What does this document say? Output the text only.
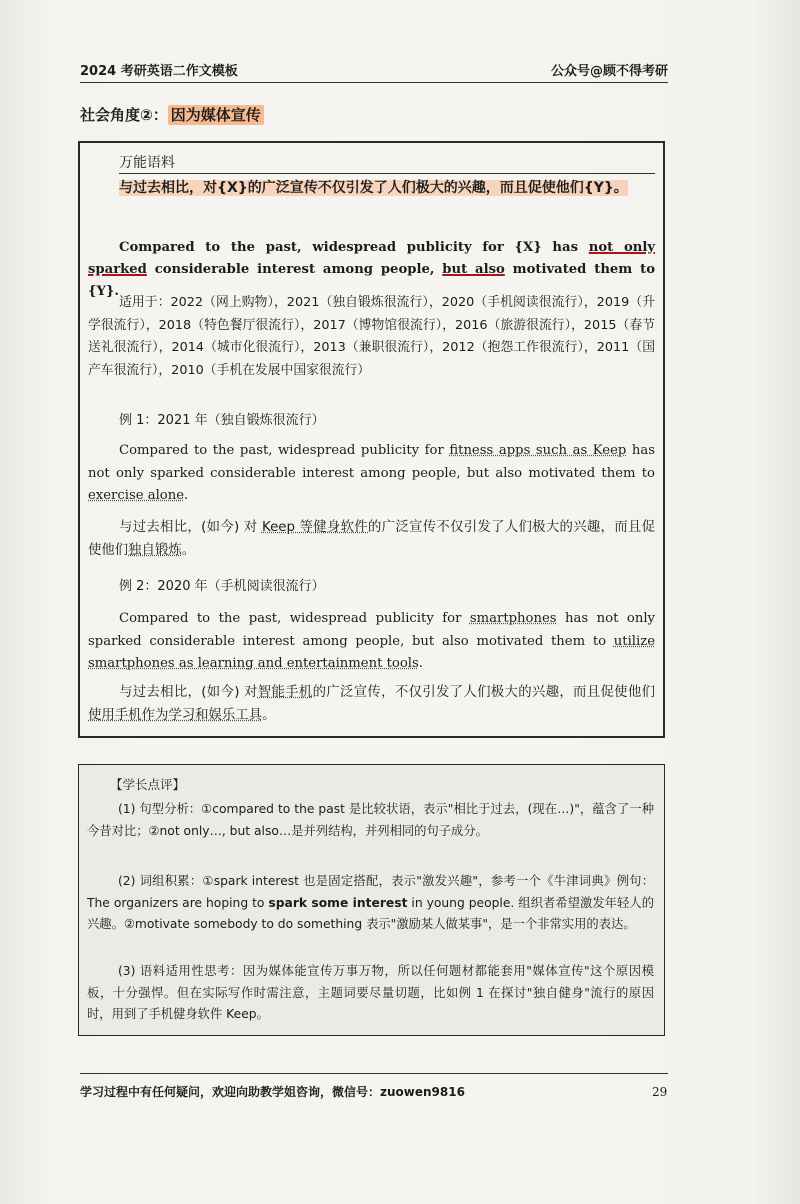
2024 考研英语二作文模板	公众号@顾不得考研
社会角度②： 因为媒体宣传
万能语料
与过去相比，对{X}的广泛宣传不仅引发了人们极大的兴趣，而且促使他们{Y}。
Compared to the past, widespread publicity for {X} has not only sparked considerable interest among people, but also motivated them to {Y}.
适用于：2022（网上购物），2021（独自锻炼很流行），2020（手机阅读很流行），2019（升学很流行），2018（特色餐厅很流行），2017（博物馆很流行），2016（旅游很流行），2015（春节送礼很流行），2014（城市化很流行），2013（兼职很流行），2012（抱怨工作很流行），2011（国产车很流行），2010（手机在发展中国家很流行）
例 1：2021 年（独自锻炼很流行）
Compared to the past, widespread publicity for fitness apps such as Keep has not only sparked considerable interest among people, but also motivated them to exercise alone.
与过去相比，(如今) 对 Keep 等健身软件的广泛宣传不仅引发了人们极大的兴趣，而且促使他们独自锻炼。
例 2：2020 年（手机阅读很流行）
Compared to the past, widespread publicity for smartphones has not only sparked considerable interest among people, but also motivated them to utilize smartphones as learning and entertainment tools.
与过去相比，(如今) 对智能手机的广泛宣传，不仅引发了人们极大的兴趣，而且促使他们使用手机作为学习和娱乐工具。
【学长点评】
(1) 句型分析：①compared to the past 是比较状语，表示"相比于过去，(现在…)"，蕴含了一种今昔对比；②not only…, but also…是并列结构，并列相同的句子成分。
(2) 词组积累：①spark interest 也是固定搭配，表示"激发兴趣"，参考一个《牛津词典》例句：The organizers are hoping to spark some interest in young people. 组织者希望激发年轻人的兴趣。②motivate somebody to do something 表示"激励某人做某事"，是一个非常实用的表达。
(3) 语料适用性思考：因为媒体能宣传万事万物，所以任何题材都能套用"媒体宣传"这个原因模板，十分强悍。但在实际写作时需注意，主题词要尽量切题，比如例 1 在探讨"独自健身"流行的原因时，用到了手机健身软件 Keep。
学习过程中有任何疑问，欢迎向助教学姐咨询，微信号：zuowen9816	29
